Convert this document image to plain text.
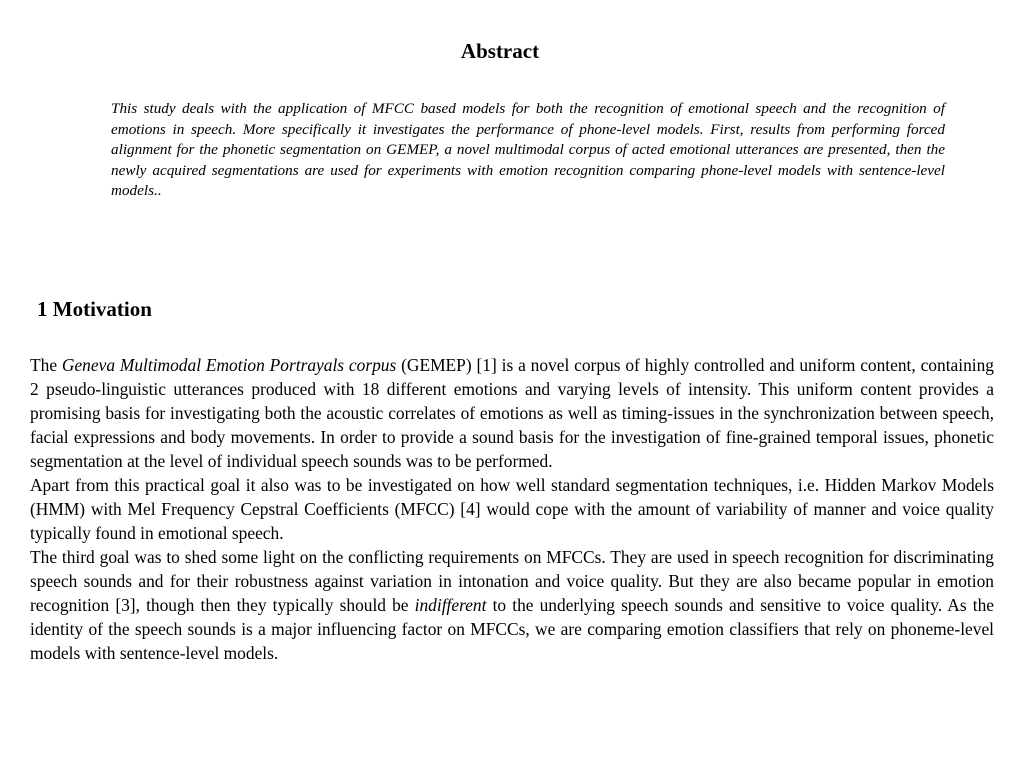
Abstract

This study deals with the application of MFCC based models for both the recognition of emotional speech and the recognition of emotions in speech. More specifically it investigates the performance of phone-level models. First, results from performing forced alignment for the phonetic segmentation on GEMEP, a novel multimodal corpus of acted emotional utterances are presented, then the newly acquired segmentations are used for experiments with emotion recognition comparing phone-level models with sentence-level models..

1 Motivation

The Geneva Multimodal Emotion Portrayals corpus (GEMEP) [1] is a novel corpus of highly controlled and uniform content, containing 2 pseudo-linguistic utterances produced with 18 different emotions and varying levels of intensity. This uniform content provides a promising basis for investigating both the acoustic correlates of emotions as well as timing-issues in the synchronization between speech, facial expressions and body movements. In order to provide a sound basis for the investigation of fine-grained temporal issues, phonetic segmentation at the level of individual speech sounds was to be performed.

Apart from this practical goal it also was to be investigated on how well standard segmentation techniques, i.e. Hidden Markov Models (HMM) with Mel Frequency Cepstral Coefficients (MFCC) [4] would cope with the amount of variability of manner and voice quality typically found in emotional speech.

The third goal was to shed some light on the conflicting requirements on MFCCs. They are used in speech recognition for discriminating speech sounds and for their robustness against variation in intonation and voice quality. But they are also became popular in emotion recognition [3], though then they typically should be indifferent to the underlying speech sounds and sensitive to voice quality. As the identity of the speech sounds is a major influencing factor on MFCCs, we are comparing emotion classifiers that rely on phoneme-level models with sentence-level models.
